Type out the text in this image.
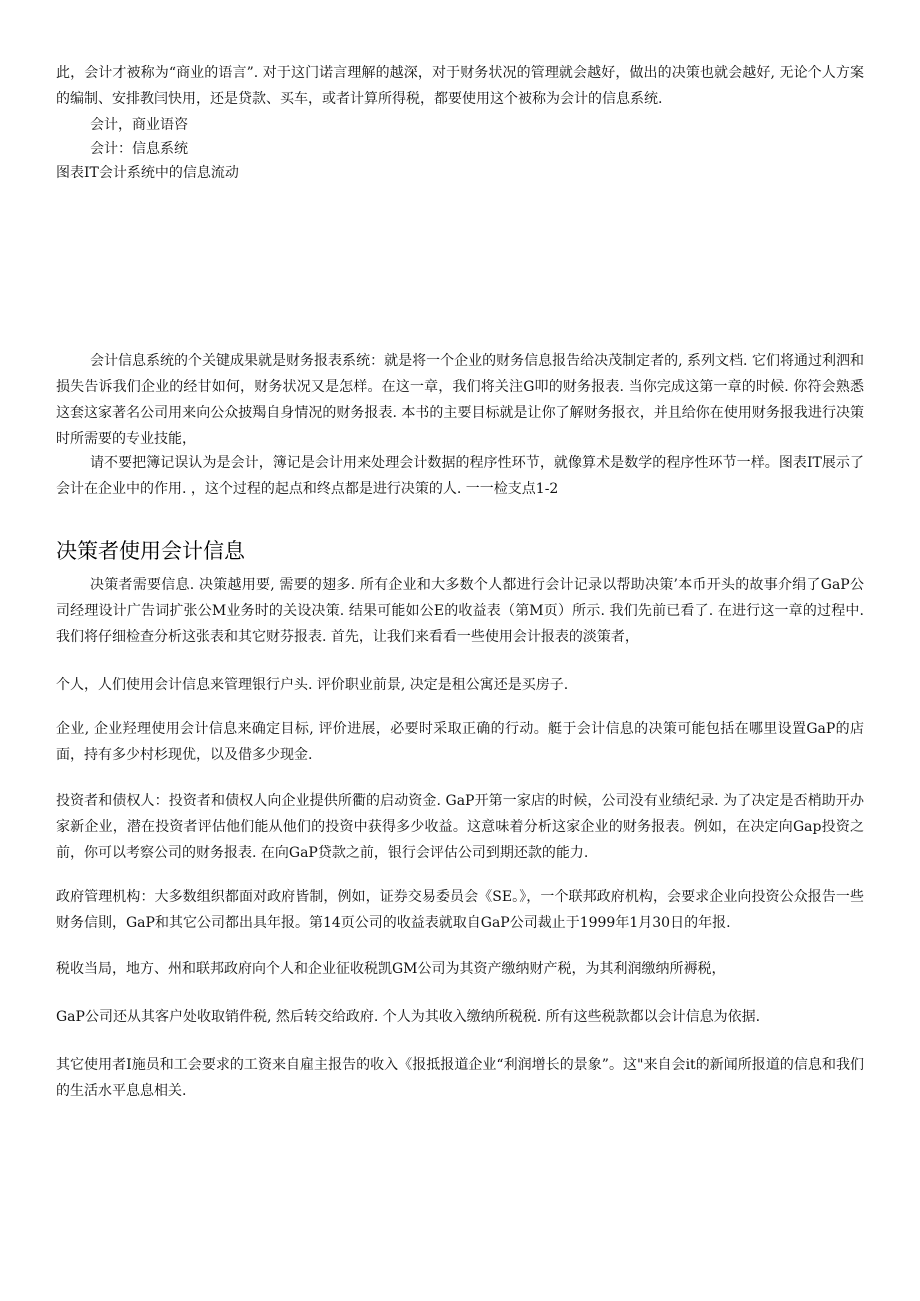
此，会计才被称为“商业的语言”. 对于这门诺言理解的越深，对于财务状况的管理就会越好，做出的决策也就会越好, 无论个人方案的编制、安排教闫快用，还是贷款、买车，或者计算所得税，都要使用这个被称为会计的信息系统.

会计，商业语咨

会计：信息系统

图表IT会计系统中的信息流动

会计信息系统的个关键成果就是财务报表系统：就是将一个企业的财务信息报告给决茂制定者的, 系列文档. 它们将通过利泗和损失告诉我们企业的经甘如何，财务状况又是怎样。在这一章，我们将关注G叩的财务报表. 当你完成这第一章的时候. 你符会熟悉这套这家著名公司用来向公众披羯自身情况的财务报表. 本书的主要目标就是让你了解财务报衣，并且给你在使用财务报我进行决策时所需要的专业技能，

请不要把簿记误认为是会计，簿记是会计用来处理会计数据的程序性环节，就像算术是数学的程序性环节一样。图表IT展示了会计在企业中的作用. ，这个过程的起点和终点都是进行决策的人. 一一检支点1-2

决策者使用会计信息

决策者需要信息. 决策越用要, 需要的翅多. 所有企业和大多数个人都进行会计记录以帮助决策’本币开头的故事介绢了GaP公司经理设计广告词扩张公M业务时的关设决策. 结果可能如公E的收益表（第M页）所示. 我们先前已看了. 在进行这一章的过程中. 我们将仔细检查分析这张表和其它财芬报表. 首先，让我们来看看一些使用会计报表的淡策者，

个人，人们使用会计信息来管理银行户头. 评价职业前景, 决定是租公寓还是买房子.

企业, 企业羟理使用会计信息来确定目标, 评价进展，必要时采取正确的行动。艇于会计信息的决策可能包括在哪里设置GaP的店面，持有多少村杉现优，以及借多少现金.

投资者和债权人：投资者和债权人向企业提供所衢的启动资金. GaP开第一家店的时候，公司没有业绩纪录. 为了决定是否梢助开办家新企业，潜在投资者评估他们能从他们的投资中获得多少收益。这意味着分析这家企业的财务报表。例如，在决定向Gap投资之前，你可以考察公司的财务报表. 在向GaP贷款之前，银行会评估公司到期还款的能力.

政府管理机构：大多数组织都面对政府皆制，例如，证券交易委员会《SE。》，一个联邦政府机构，会要求企业向投资公众报告一些财务信則，GaP和其它公司都出具年报。第14页公司的收益表就取自GaP公司裁止于1999年1月30日的年报.

税收当局，地方、州和联邦政府向个人和企业征收税凯GM公司为其资产缴纳财产税，为其利润缴纳所褥税，

GaP公司还从其客户处收取销件税, 然后转交给政府. 个人为其收入缴纳所税税. 所有这些税款都以会计信息为依据.

其它使用者I施员和工会要求的工资来自雇主报告的收入《报抵报道企业“利润增长的景象”。这"来自会it的新闻所报道的信息和我们的生活水平息息相关.
